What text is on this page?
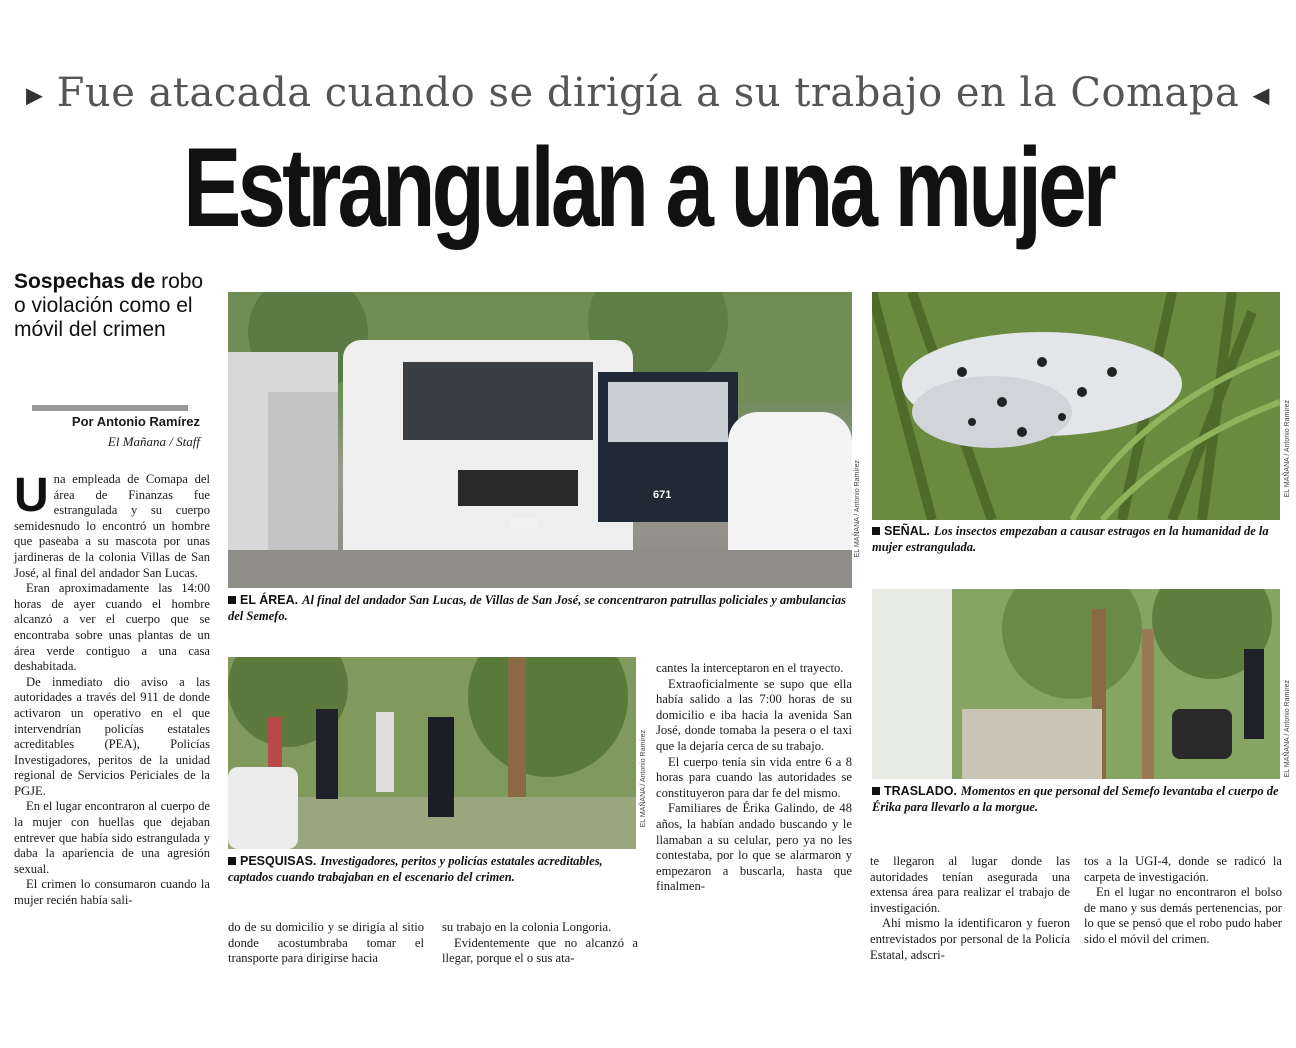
▶ Fue atacada cuando se dirigía a su trabajo en la Comapa ◀
Estrangulan a una mujer
Sospechas de robo o violación como el móvil del crimen
Por Antonio Ramírez
El Mañana / Staff

Una empleada de Comapa del área de Finanzas fue estrangulada y su cuerpo semidesnudo lo encontró un hombre que paseaba a su mascota por unas jardineras de la colonia Villas de San José, al final del andador San Lucas.

Eran aproximadamente las 14:00 horas de ayer cuando el hombre alcanzó a ver el cuerpo que se encontraba sobre unas plantas de un área verde contiguo a una casa deshabitada.

De inmediato dio aviso a las autoridades a través del 911 de donde activaron un operativo en el que intervendrían policías estatales acreditables (PEA), Policías Investigadores, peritos de la unidad regional de Servicios Periciales de la PGJE.

En el lugar encontraron al cuerpo de la mujer con huellas que dejaban entrever que había sido estrangulada y daba la apariencia de una agresión sexual.

El crimen lo consumaron cuando la mujer recién había sali-

671	EL MAÑANA / Antonio Ramírez
EL ÁREA. Al final del andador San Lucas, de Villas de San José, se concentraron patrullas policiales y ambulancias del Semefo.
EL MAÑANA / Antonio Ramírez
SEÑAL. Los insectos empezaban a causar estragos en la humanidad de la mujer estrangulada.
EL MAÑANA / Antonio Ramírez
PESQUISAS. Investigadores, peritos y policías estatales acreditables, captados cuando trabajaban en el escenario del crimen.

cantes la interceptaron en el trayecto.

Extraoficialmente se supo que ella había salido a las 7:00 horas de su domicilio e iba hacia la avenida San José, donde tomaba la pesera o el taxi que la dejaría cerca de su trabajo.

El cuerpo tenía sin vida entre 6 a 8 horas para cuando las autoridades se constituyeron para dar fe del mismo.

Familiares de Érika Galindo, de 48 años, la habían andado buscando y le llamaban a su celular, pero ya no les contestaba, por lo que se alarmaron y empezaron a buscarla, hasta que finalmen-

do de su domicilio y se dirigía al sitio donde acostumbraba tomar el transporte para dirigirse hacia

su trabajo en la colonia Longoria.

Evidentemente que no alcanzó a llegar, porque el o sus ata-

EL MAÑANA / Antonio Ramírez
TRASLADO. Momentos en que personal del Semefo levantaba el cuerpo de Érika para llevarlo a la morgue.

te llegaron al lugar donde las autoridades tenían asegurada una extensa área para realizar el trabajo de investigación.

Ahí mismo la identificaron y fueron entrevistados por personal de la Policía Estatal, adscri-

tos a la UGI-4, donde se radicó la carpeta de investigación.

En el lugar no encontraron el bolso de mano y sus demás pertenencias, por lo que se pensó que el robo pudo haber sido el móvil del crimen.
